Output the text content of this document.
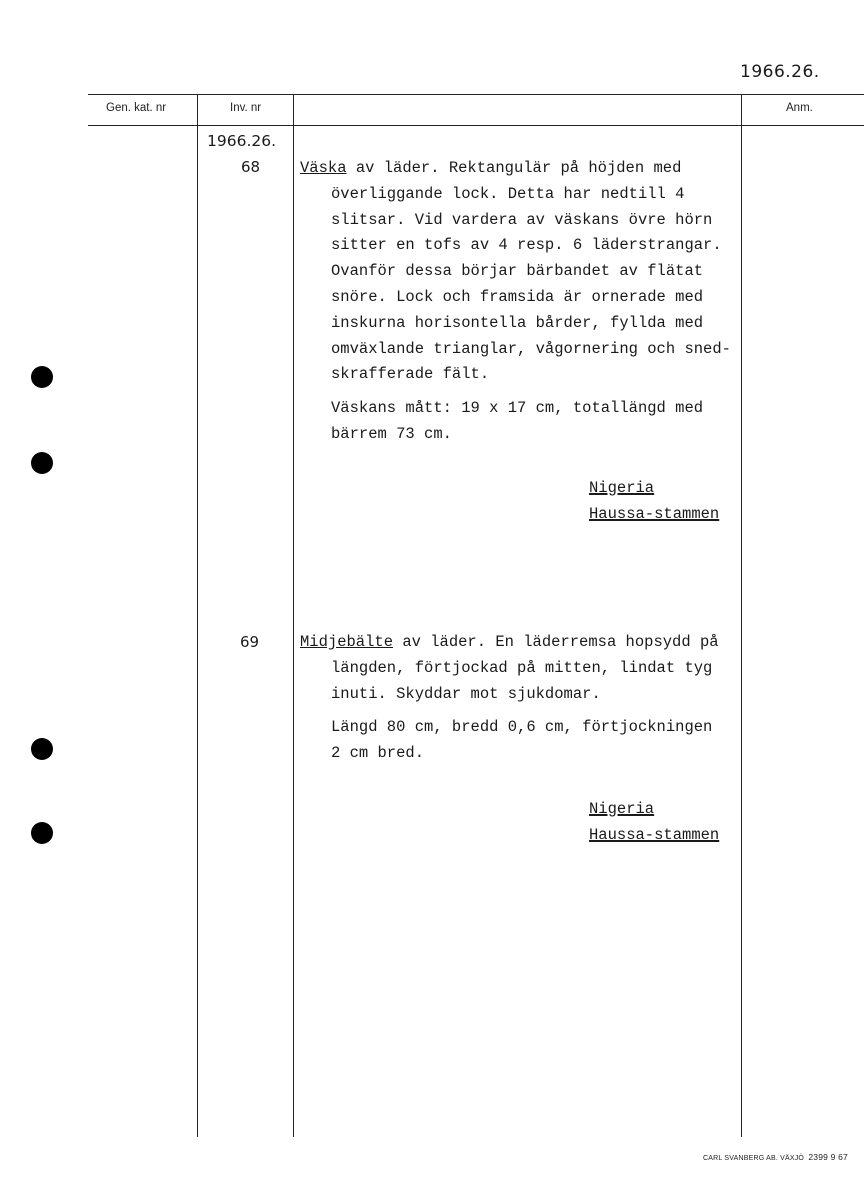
1966.26.
Gen. kat. nr	Inv. nr	Anm.
1966.26.
68	Väska av läder. Rektangulär på höjden med
överliggande lock. Detta har nedtill 4
slitsar. Vid vardera av väskans övre hörn
sitter en tofs av 4 resp. 6 läderstrangar.
Ovanför dessa börjar bärbandet av flätat
snöre. Lock och framsida är ornerade med
inskurna horisontella bårder, fyllda med
omväxlande trianglar, vågornering och sned-
skrafferade fält.
Väskans mått: 19 x 17 cm, totallängd med
bärrem 73 cm.
Nigeria
Haussa-stammen
69	Midjebälte av läder. En läderremsa hopsydd på
längden, förtjockad på mitten, lindat tyg
inuti. Skyddar mot sjukdomar.
Längd 80 cm, bredd 0,6 cm, förtjockningen
2 cm bred.
Nigeria
Haussa-stammen
CARL SVANBERG AB. VÄXJÖ 2399 9 67
